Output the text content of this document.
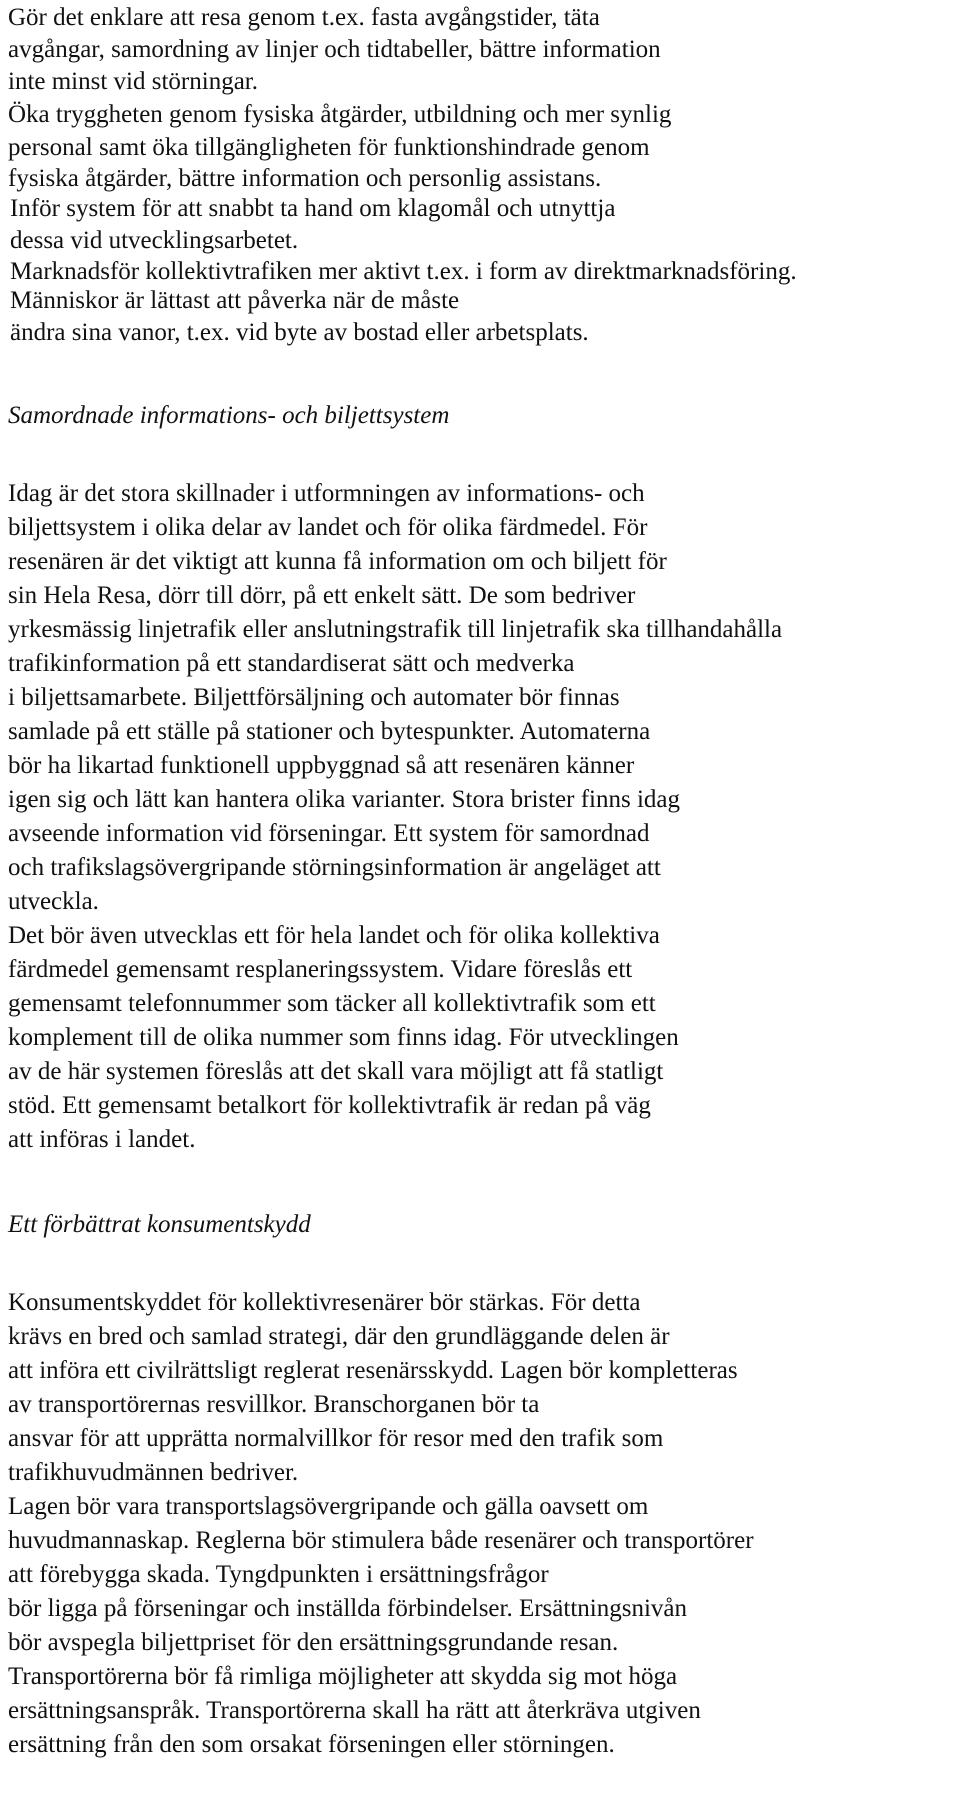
Gör det enklare att resa genom t.ex. fasta avgångstider, täta
avgångar, samordning av linjer och tidtabeller, bättre information
inte minst vid störningar.
Öka tryggheten genom fysiska åtgärder, utbildning och mer synlig
personal samt öka tillgängligheten för funktionshindrade genom
fysiska åtgärder, bättre information och personlig assistans.
Inför system för att snabbt ta hand om klagomål och utnyttja
dessa vid utvecklingsarbetet.
Marknadsför kollektivtrafiken mer aktivt t.ex. i form av direktmarknadsföring.
Människor är lättast att påverka när de måste
ändra sina vanor, t.ex. vid byte av bostad eller arbetsplats.
Samordnade informations- och biljettsystem
Idag är det stora skillnader i utformningen av informations- och
biljettsystem i olika delar av landet och för olika färdmedel. För
resenären är det viktigt att kunna få information om och biljett för
sin Hela Resa, dörr till dörr, på ett enkelt sätt. De som bedriver
yrkesmässig linjetrafik eller anslutningstrafik till linjetrafik ska tillhandahålla
trafikinformation på ett standardiserat sätt och medverka
i biljettsamarbete. Biljettförsäljning och automater bör finnas
samlade på ett ställe på stationer och bytespunkter. Automaterna
bör ha likartad funktionell uppbyggnad så att resenären känner
igen sig och lätt kan hantera olika varianter. Stora brister finns idag
avseende information vid förseningar. Ett system för samordnad
och trafikslagsövergripande störningsinformation är angeläget att
utveckla.
Det bör även utvecklas ett för hela landet och för olika kollektiva
färdmedel gemensamt resplaneringssystem. Vidare föreslås ett
gemensamt telefonnummer som täcker all kollektivtrafik som ett
komplement till de olika nummer som finns idag. För utvecklingen
av de här systemen föreslås att det skall vara möjligt att få statligt
stöd. Ett gemensamt betalkort för kollektivtrafik är redan på väg
att införas i landet.
Ett förbättrat konsumentskydd
Konsumentskyddet för kollektivresenärer bör stärkas. För detta
krävs en bred och samlad strategi, där den grundläggande delen är
att införa ett civilrättsligt reglerat resenärsskydd. Lagen bör kompletteras
av transportörernas resvillkor. Branschorganen bör ta
ansvar för att upprätta normalvillkor för resor med den trafik som
trafikhuvudmännen bedriver.
Lagen bör vara transportslagsövergripande och gälla oavsett om
huvudmannaskap. Reglerna bör stimulera både resenärer och transportörer
att förebygga skada. Tyngdpunkten i ersättningsfrågor
bör ligga på förseningar och inställda förbindelser. Ersättningsnivån
bör avspegla biljettpriset för den ersättningsgrundande resan.
Transportörerna bör få rimliga möjligheter att skydda sig mot höga
ersättningsanspråk. Transportörerna skall ha rätt att återkräva utgiven
ersättning från den som orsakat förseningen eller störningen.
